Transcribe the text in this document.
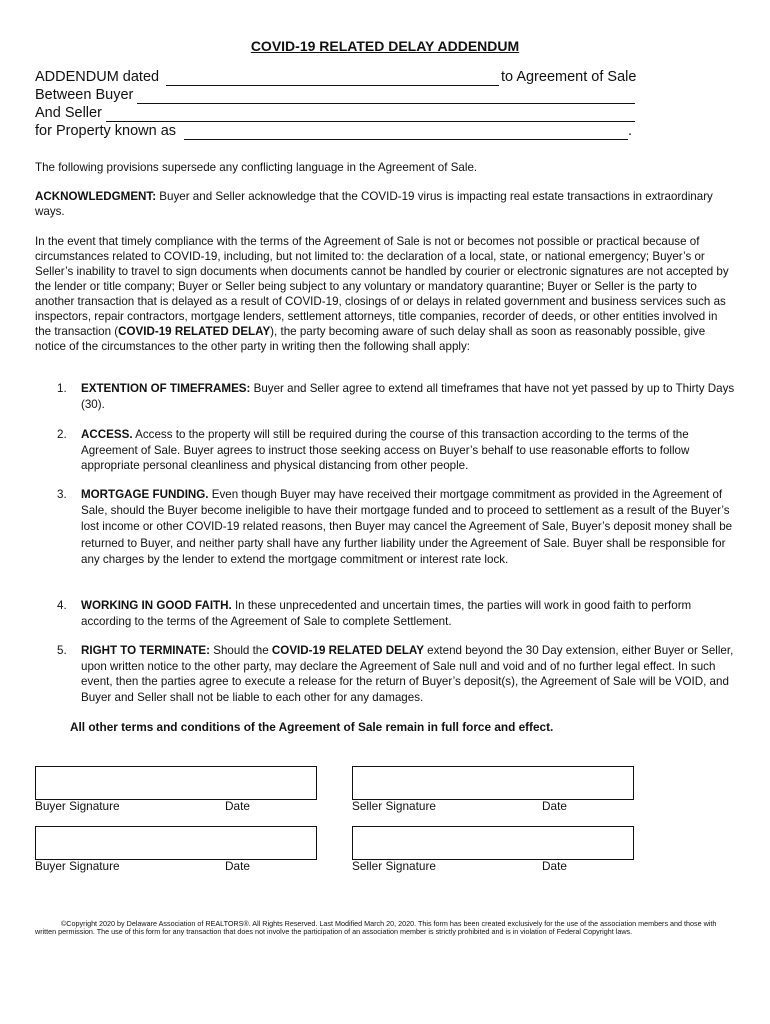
COVID-19 RELATED DELAY ADDENDUM
ADDENDUM dated	to Agreement of Sale
Between Buyer
And Seller
for Property known as	.
The following provisions supersede any conflicting language in the Agreement of Sale.
ACKNOWLEDGMENT: Buyer and Seller acknowledge that the COVID-19 virus is impacting real estate transactions in extraordinary ways.
In the event that timely compliance with the terms of the Agreement of Sale is not or becomes not possible or practical because of circumstances related to COVID-19, including, but not limited to: the declaration of a local, state, or national emergency; Buyer’s or Seller’s inability to travel to sign documents when documents cannot be handled by courier or electronic signatures are not accepted by the lender or title company; Buyer or Seller being subject to any voluntary or mandatory quarantine; Buyer or Seller is the party to another transaction that is delayed as a result of COVID-19, closings of or delays in related government and business services such as inspectors, repair contractors, mortgage lenders, settlement attorneys, title companies, recorder of deeds, or other entities involved in the transaction (COVID-19 RELATED DELAY), the party becoming aware of such delay shall as soon as reasonably possible, give notice of the circumstances to the other party in writing then the following shall apply:
1.	EXTENTION OF TIMEFRAMES: Buyer and Seller agree to extend all timeframes that have not yet passed by up to Thirty Days (30).
2.	ACCESS. Access to the property will still be required during the course of this transaction according to the terms of the Agreement of Sale. Buyer agrees to instruct those seeking access on Buyer’s behalf to use reasonable efforts to follow appropriate personal cleanliness and physical distancing from other people.
3.	MORTGAGE FUNDING. Even though Buyer may have received their mortgage commitment as provided in the Agreement of Sale, should the Buyer become ineligible to have their mortgage funded and to proceed to settlement as a result of the Buyer’s lost income or other COVID-19 related reasons, then Buyer may cancel the Agreement of Sale, Buyer’s deposit money shall be returned to Buyer, and neither party shall have any further liability under the Agreement of Sale. Buyer shall be responsible for any charges by the lender to extend the mortgage commitment or interest rate lock.
4.	WORKING IN GOOD FAITH. In these unprecedented and uncertain times, the parties will work in good faith to perform according to the terms of the Agreement of Sale to complete Settlement.
5.	RIGHT TO TERMINATE: Should the COVID-19 RELATED DELAY extend beyond the 30 Day extension, either Buyer or Seller, upon written notice to the other party, may declare the Agreement of Sale null and void and of no further legal effect. In such event, then the parties agree to execute a release for the return of Buyer’s deposit(s), the Agreement of Sale will be VOID, and Buyer and Seller shall not be liable to each other for any damages.
All other terms and conditions of the Agreement of Sale remain in full force and effect.
Buyer Signature	Date	Seller Signature	Date
Buyer Signature	Date	Seller Signature	Date
©Copyright 2020 by Delaware Association of REALTORS®. All Rights Reserved. Last Modified March 20, 2020. This form has been created exclusively for the use of the association members and those with written permission. The use of this form for any transaction that does not involve the participation of an association member is strictly prohibited and is in violation of Federal Copyright laws.
